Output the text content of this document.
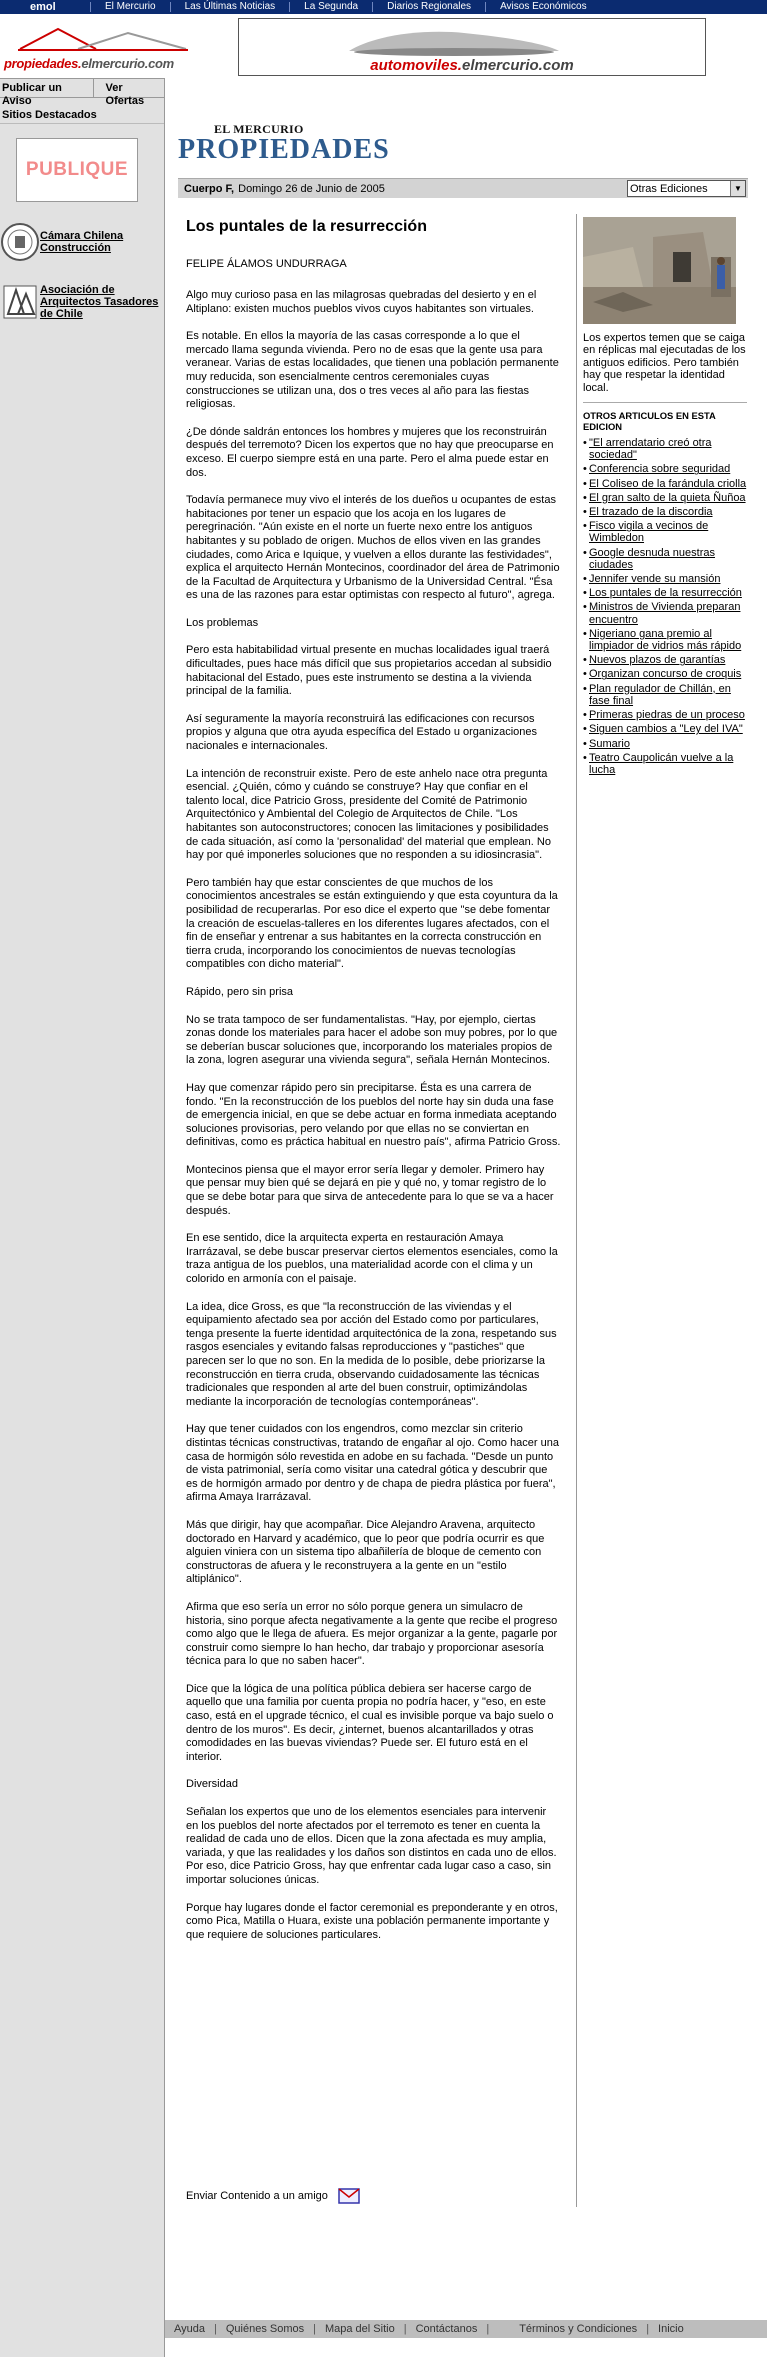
emol	El Mercurio	Las Últimas Noticias	La Segunda	Diarios Regionales	Avisos Económicos
propiedades.elmercurio.com	automoviles.elmercurio.com
Publicar un Aviso
Ver Ofertas
Sitios Destacados
PUBLIQUE
Cámara Chilena Construcción
Asociación de Arquitectos Tasadores de Chile
EL MERCURIO
PROPIEDADES
Cuerpo F, Domingo 26 de Junio de 2005	Otras Ediciones	▼
Los puntales de la resurrección
FELIPE ÁLAMOS UNDURRAGA

Algo muy curioso pasa en las milagrosas quebradas del desierto y en el Altiplano: existen muchos pueblos vivos cuyos habitantes son virtuales.

Es notable. En ellos la mayoría de las casas corresponde a lo que el mercado llama segunda vivienda. Pero no de esas que la gente usa para veranear. Varias de estas localidades, que tienen una población permanente muy reducida, son esencialmente centros ceremoniales cuyas construcciones se utilizan una, dos o tres veces al año para las fiestas religiosas.

¿De dónde saldrán entonces los hombres y mujeres que los reconstruirán después del terremoto? Dicen los expertos que no hay que preocuparse en exceso. El cuerpo siempre está en una parte. Pero el alma puede estar en dos.

Todavía permanece muy vivo el interés de los dueños u ocupantes de estas habitaciones por tener un espacio que los acoja en los lugares de peregrinación. "Aún existe en el norte un fuerte nexo entre los antiguos habitantes y su poblado de origen. Muchos de ellos viven en las grandes ciudades, como Arica e Iquique, y vuelven a ellos durante las festividades", explica el arquitecto Hernán Montecinos, coordinador del área de Patrimonio de la Facultad de Arquitectura y Urbanismo de la Universidad Central. "Ésa es una de las razones para estar optimistas con respecto al futuro", agrega.

Los problemas

Pero esta habitabilidad virtual presente en muchas localidades igual traerá dificultades, pues hace más difícil que sus propietarios accedan al subsidio habitacional del Estado, pues este instrumento se destina a la vivienda principal de la familia.

Así seguramente la mayoría reconstruirá las edificaciones con recursos propios y alguna que otra ayuda específica del Estado u organizaciones nacionales e internacionales.

La intención de reconstruir existe. Pero de este anhelo nace otra pregunta esencial. ¿Quién, cómo y cuándo se construye? Hay que confiar en el talento local, dice Patricio Gross, presidente del Comité de Patrimonio Arquitectónico y Ambiental del Colegio de Arquitectos de Chile. "Los habitantes son autoconstructores; conocen las limitaciones y posibilidades de cada situación, así como la 'personalidad' del material que emplean. No hay por qué imponerles soluciones que no responden a su idiosincrasia".

Pero también hay que estar conscientes de que muchos de los conocimientos ancestrales se están extinguiendo y que esta coyuntura da la posibilidad de recuperarlas. Por eso dice el experto que "se debe fomentar la creación de escuelas-talleres en los diferentes lugares afectados, con el fin de enseñar y entrenar a sus habitantes en la correcta construcción en tierra cruda, incorporando los conocimientos de nuevas tecnologías compatibles con dicho material".

Rápido, pero sin prisa

No se trata tampoco de ser fundamentalistas. "Hay, por ejemplo, ciertas zonas donde los materiales para hacer el adobe son muy pobres, por lo que se deberían buscar soluciones que, incorporando los materiales propios de la zona, logren asegurar una vivienda segura", señala Hernán Montecinos.

Hay que comenzar rápido pero sin precipitarse. Ésta es una carrera de fondo. "En la reconstrucción de los pueblos del norte hay sin duda una fase de emergencia inicial, en que se debe actuar en forma inmediata aceptando soluciones provisorias, pero velando por que ellas no se conviertan en definitivas, como es práctica habitual en nuestro país", afirma Patricio Gross.

Montecinos piensa que el mayor error sería llegar y demoler. Primero hay que pensar muy bien qué se dejará en pie y qué no, y tomar registro de lo que se debe botar para que sirva de antecedente para lo que se va a hacer después.

En ese sentido, dice la arquitecta experta en restauración Amaya Irarrázaval, se debe buscar preservar ciertos elementos esenciales, como la traza antigua de los pueblos, una materialidad acorde con el clima y un colorido en armonía con el paisaje.

La idea, dice Gross, es que "la reconstrucción de las viviendas y el equipamiento afectado sea por acción del Estado como por particulares, tenga presente la fuerte identidad arquitectónica de la zona, respetando sus rasgos esenciales y evitando falsas reproducciones y "pastiches" que parecen ser lo que no son. En la medida de lo posible, debe priorizarse la reconstrucción en tierra cruda, observando cuidadosamente las técnicas tradicionales que responden al arte del buen construir, optimizándolas mediante la incorporación de tecnologías contemporáneas".

Hay que tener cuidados con los engendros, como mezclar sin criterio distintas técnicas constructivas, tratando de engañar al ojo. Como hacer una casa de hormigón sólo revestida en adobe en su fachada. "Desde un punto de vista patrimonial, sería como visitar una catedral gótica y descubrir que es de hormigón armado por dentro y de chapa de piedra plástica por fuera", afirma Amaya Irarrázaval.

Más que dirigir, hay que acompañar. Dice Alejandro Aravena, arquitecto doctorado en Harvard y académico, que lo peor que podría ocurrir es que alguien viniera con un sistema tipo albañilería de bloque de cemento con constructoras de afuera y le reconstruyera a la gente en un "estilo altiplánico".

Afirma que eso sería un error no sólo porque genera un simulacro de historia, sino porque afecta negativamente a la gente que recibe el progreso como algo que le llega de afuera. Es mejor organizar a la gente, pagarle por construir como siempre lo han hecho, dar trabajo y proporcionar asesoría técnica para lo que no saben hacer".

Dice que la lógica de una política pública debiera ser hacerse cargo de aquello que una familia por cuenta propia no podría hacer, y "eso, en este caso, está en el upgrade técnico, el cual es invisible porque va bajo suelo o dentro de los muros". Es decir, ¿internet, buenos alcantarillados y otras comodidades en las buevas viviendas? Puede ser. El futuro está en el interior.

Diversidad

Señalan los expertos que uno de los elementos esenciales para intervenir en los pueblos del norte afectados por el terremoto es tener en cuenta la realidad de cada uno de ellos. Dicen que la zona afectada es muy amplia, variada, y que las realidades y los daños son distintos en cada uno de ellos. Por eso, dice Patricio Gross, hay que enfrentar cada lugar caso a caso, sin importar soluciones únicas.

Porque hay lugares donde el factor ceremonial es preponderante y en otros, como Pica, Matilla o Huara, existe una población permanente importante y que requiere de soluciones particulares.

Enviar Contenido a un amigo
Los expertos temen que se caiga en réplicas mal ejecutadas de los antiguos edificios. Pero también hay que respetar la identidad local.
OTROS ARTICULOS EN ESTA EDICION
• "El arrendatario creó otra sociedad"
• Conferencia sobre seguridad
• El Coliseo de la farándula criolla
• El gran salto de la quieta Ñuñoa
• El trazado de la discordia
• Fisco vigila a vecinos de Wimbledon
• Google desnuda nuestras ciudades
• Jennifer vende su mansión
• Los puntales de la resurrección
• Ministros de Vivienda preparan encuentro
• Nigeriano gana premio al limpiador de vidrios más rápido
• Nuevos plazos de garantías
• Organizan concurso de croquis
• Plan regulador de Chillán, en fase final
• Primeras piedras de un proceso
• Siguen cambios a "Ley del IVA"
• Sumario
• Teatro Caupolicán vuelve a la lucha
Ayuda | Quiénes Somos | Mapa del Sitio | Contáctanos |	Términos y Condiciones | Inicio
